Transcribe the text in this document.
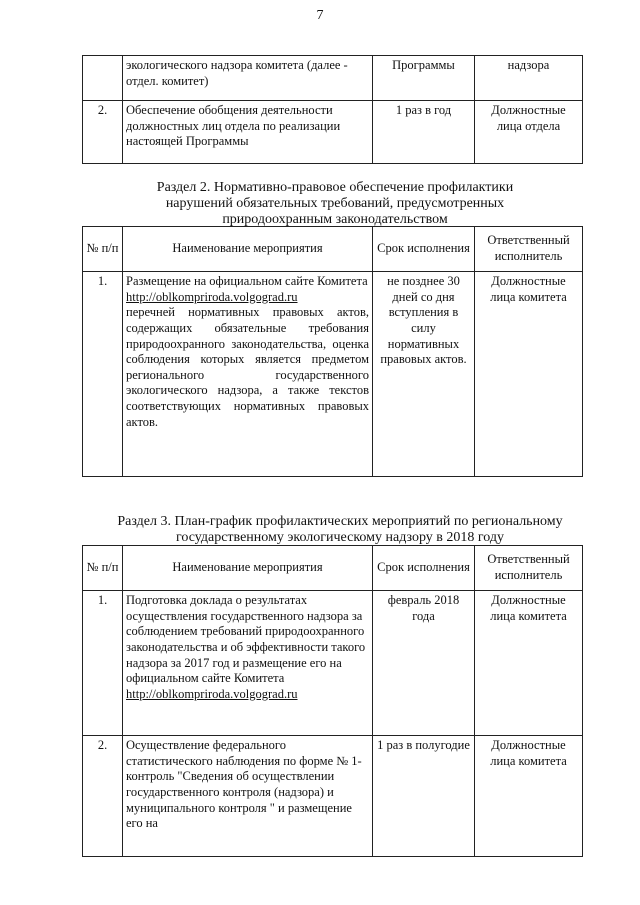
7
	экологического надзора комитета (далее - отдел. комитет)	Программы	надзора
2.	Обеспечение обобщения деятельности должностных лиц отдела по реализации настоящей Программы	1 раз в год	Должностные лица отдела
Раздел 2. Нормативно-правовое обеспечение профилактики
нарушений обязательных требований, предусмотренных
природоохранным законодательством
№ п/п	Наименование мероприятия	Срок исполнения	Ответственный исполнитель
1.	Размещение на официальном сайте Комитета
http://oblkompriroda.volgograd.ru
перечней нормативных правовых актов, содержащих обязательные требования природоохранного законодательства, оценка соблюдения которых является предметом регионального государственного экологического надзора, а также текстов соответствующих нормативных правовых актов.	не позднее 30 дней со дня вступления в силу нормативных правовых актов.	Должностные лица комитета
Раздел 3. План-график профилактических мероприятий по региональному
государственному экологическому надзору в 2018 году
№ п/п	Наименование мероприятия	Срок исполнения	Ответственный исполнитель
1.	Подготовка доклада о результатах осуществления государственного надзора за соблюдением требований природоохранного законодательства и об эффективности такого надзора за 2017 год и размещение его на официальном сайте Комитета
http://oblkompriroda.volgograd.ru	февраль 2018 года	Должностные лица комитета
2.	Осуществление федерального статистического наблюдения по форме № 1-контроль "Сведения об осуществлении государственного контроля (надзора) и муниципального контроля " и размещение его на	1 раз в полугодие	Должностные лица комитета
